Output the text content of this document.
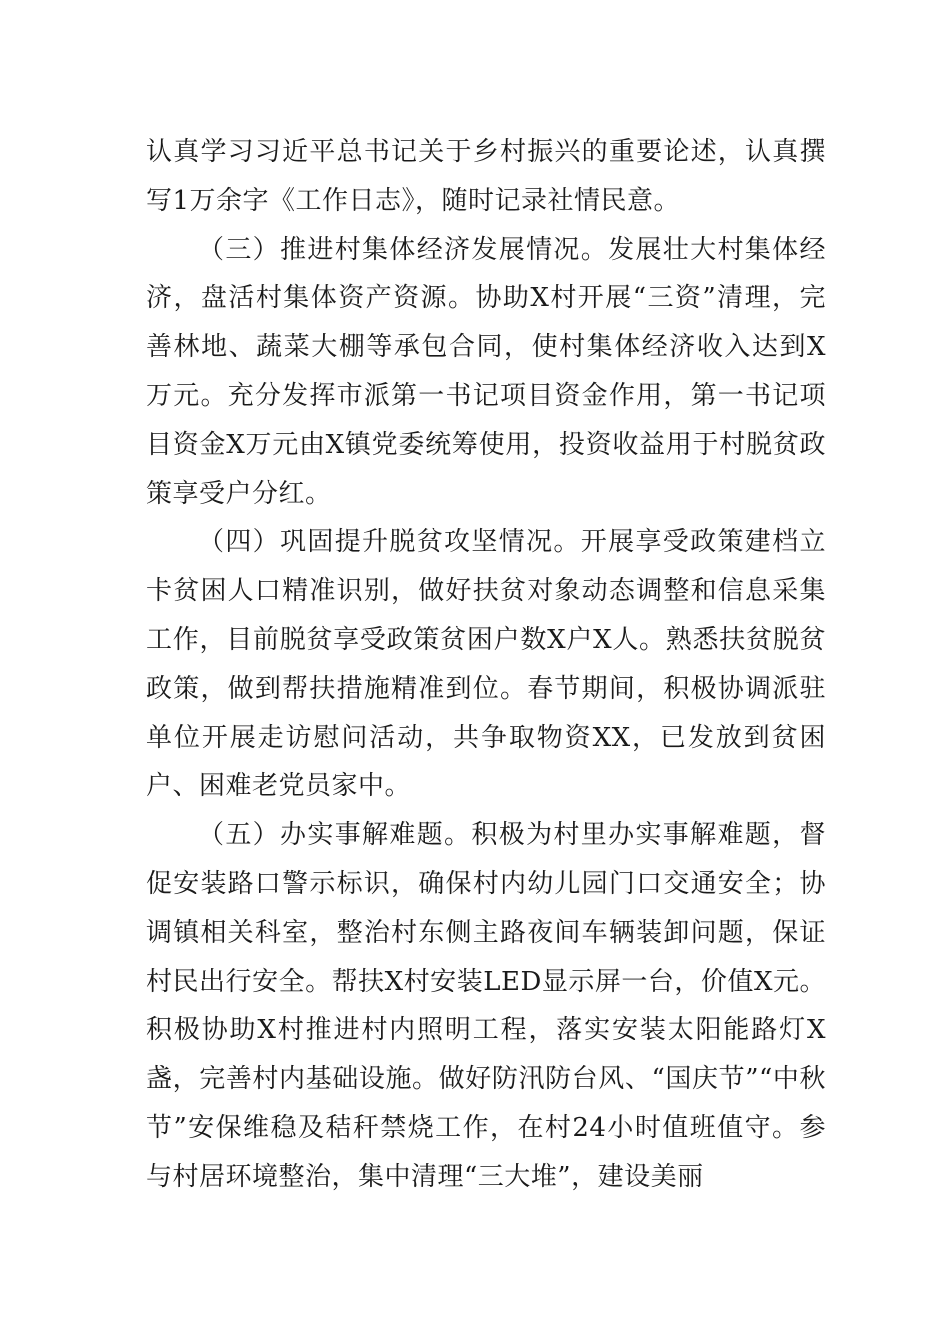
认真学习习近平总书记关于乡村振兴的重要论述，认真撰写1万余字《工作日志》，随时记录社情民意。

（三）推进村集体经济发展情况。发展壮大村集体经济，盘活村集体资产资源。协助X村开展“三资”清理，完善林地、蔬菜大棚等承包合同，使村集体经济收入达到X万元。充分发挥市派第一书记项目资金作用，第一书记项目资金X万元由X镇党委统筹使用，投资收益用于村脱贫政策享受户分红。

（四）巩固提升脱贫攻坚情况。开展享受政策建档立卡贫困人口精准识别，做好扶贫对象动态调整和信息采集工作，目前脱贫享受政策贫困户数X户X人。熟悉扶贫脱贫政策，做到帮扶措施精准到位。春节期间，积极协调派驻单位开展走访慰问活动，共争取物资XX，已发放到贫困户、困难老党员家中。

（五）办实事解难题。积极为村里办实事解难题，督促安装路口警示标识，确保村内幼儿园门口交通安全；协调镇相关科室，整治村东侧主路夜间车辆装卸问题，保证村民出行安全。帮扶X村安装LED显示屏一台，价值X元。积极协助X村推进村内照明工程，落实安装太阳能路灯X盏，完善村内基础设施。做好防汛防台风、“国庆节”“中秋节”安保维稳及秸秆禁烧工作，在村24小时值班值守。参与村居环境整治，集中清理“三大堆”，建设美丽
